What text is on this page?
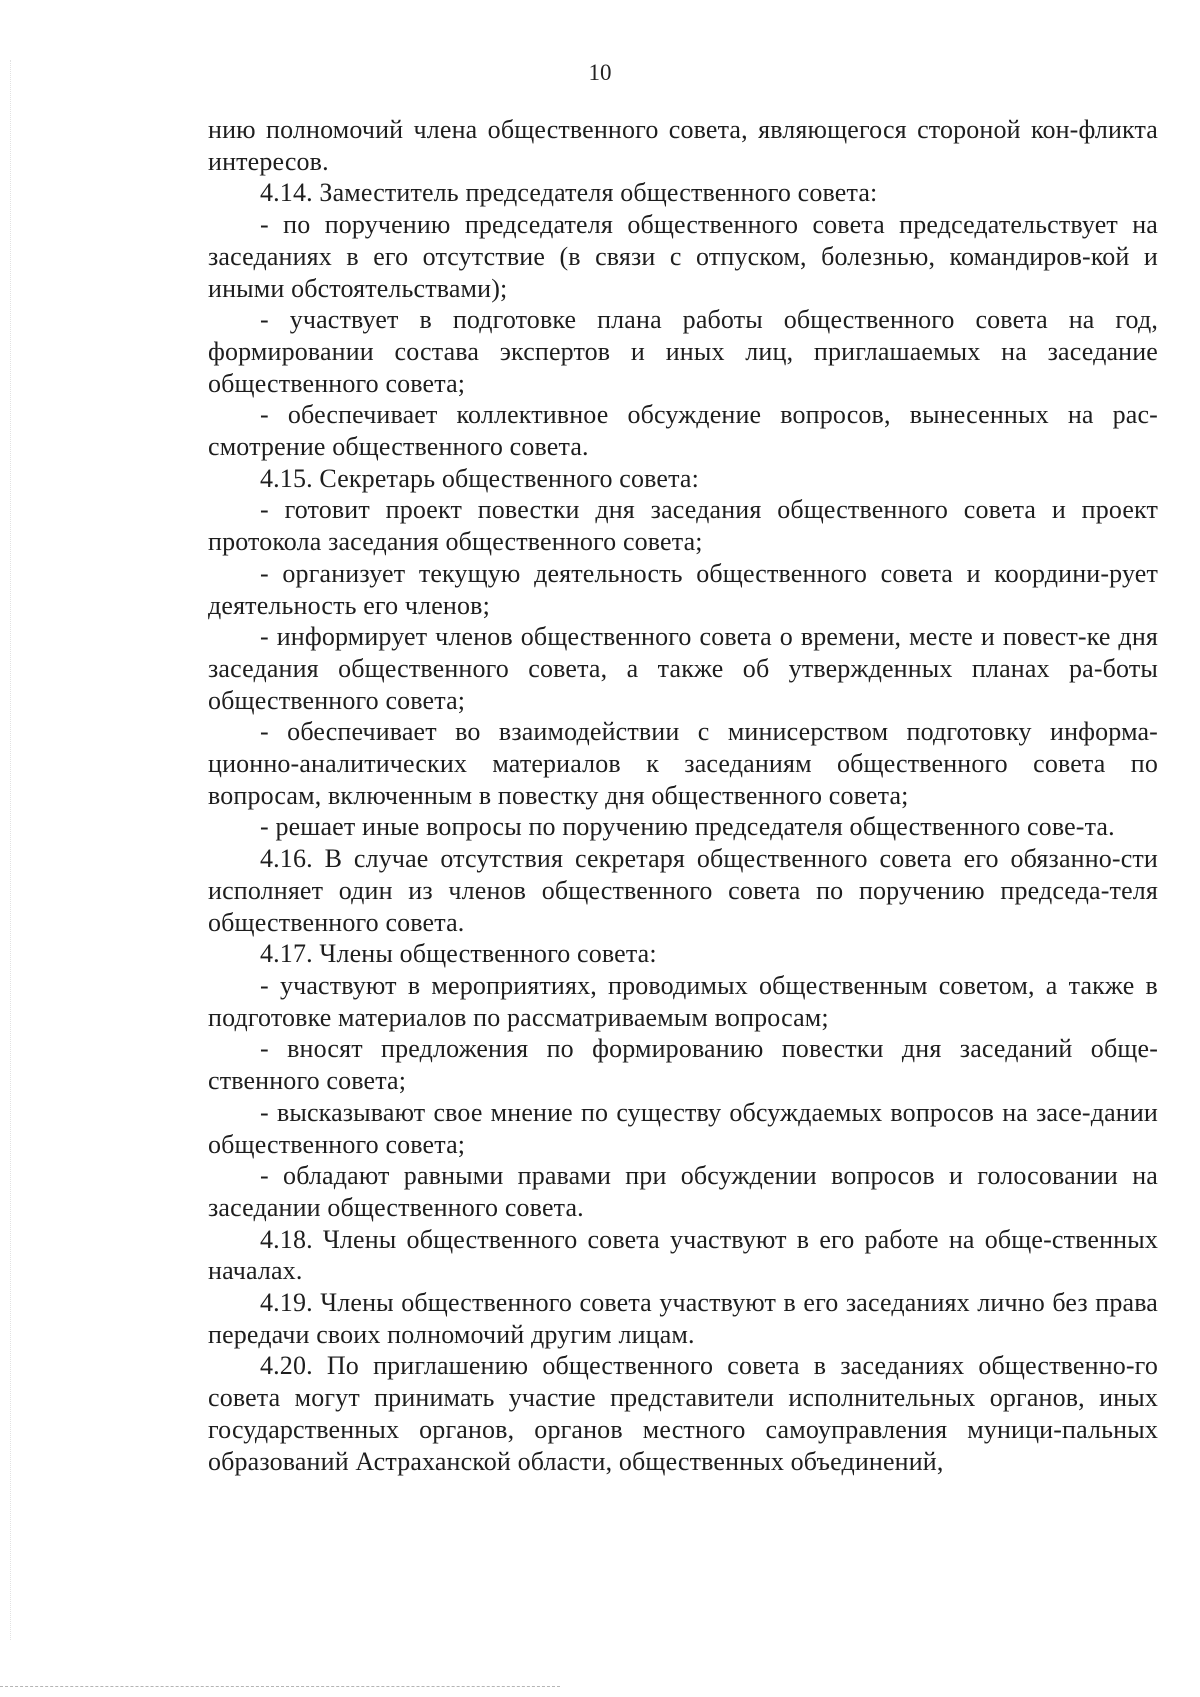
10

нию полномочий члена общественного совета, являющегося стороной кон-фликта интересов.

4.14. Заместитель председателя общественного совета:

- по поручению председателя общественного совета председательствует на заседаниях в его отсутствие (в связи с отпуском, болезнью, командиров-кой и иными обстоятельствами);

- участвует в подготовке плана работы общественного совета на год, формировании состава экспертов и иных лиц, приглашаемых на заседание общественного совета;

- обеспечивает коллективное обсуждение вопросов, вынесенных на рас-смотрение общественного совета.

4.15. Секретарь общественного совета:

- готовит проект повестки дня заседания общественного совета и проект протокола заседания общественного совета;

- организует текущую деятельность общественного совета и координи-рует деятельность его членов;

- информирует членов общественного совета о времени, месте и повест-ке дня заседания общественного совета, а также об утвержденных планах ра-боты общественного совета;

- обеспечивает во взаимодействии с минисерством подготовку информа-ционно-аналитических материалов к заседаниям общественного совета по вопросам, включенным в повестку дня общественного совета;

- решает иные вопросы по поручению председателя общественного сове-та.

4.16. В случае отсутствия секретаря общественного совета его обязанно-сти исполняет один из членов общественного совета по поручению председа-теля общественного совета.

4.17. Члены общественного совета:

- участвуют в мероприятиях, проводимых общественным советом, а также в подготовке материалов по рассматриваемым вопросам;

- вносят предложения по формированию повестки дня заседаний обще-ственного совета;

- высказывают свое мнение по существу обсуждаемых вопросов на засе-дании общественного совета;

- обладают равными правами при обсуждении вопросов и голосовании на заседании общественного совета.

4.18. Члены общественного совета участвуют в его работе на обще-ственных началах.

4.19. Члены общественного совета участвуют в его заседаниях лично без права передачи своих полномочий другим лицам.

4.20. По приглашению общественного совета в заседаниях общественно-го совета могут принимать участие представители исполнительных органов, иных государственных органов, органов местного самоуправления муници-пальных образований Астраханской области, общественных объединений,
